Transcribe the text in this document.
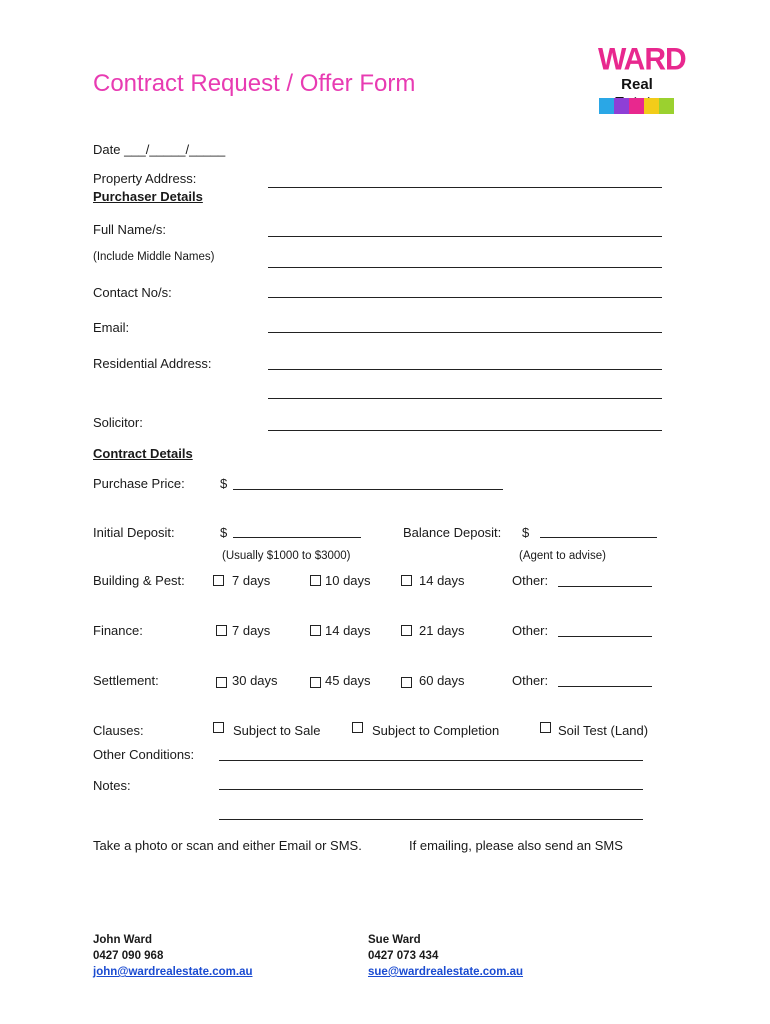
Contract Request / Offer Form
WARD
Real
Date ___/_____/_____
Property Address:
Purchaser Details
Full Name/s:
(Include Middle Names)
Contact No/s:
Email:
Residential Address:
Solicitor:
Contract Details
Purchase Price:	$
Initial Deposit:	$	Balance Deposit: $
(Usually $1000 to $3000)	(Agent to advise)
Building & Pest:	7 days	10 days	14 days	Other:
Finance:	7 days	14 days	21 days	Other:
Settlement:	30 days	45 days	60 days	Other:
Clauses:	Subject to Sale	Subject to Completion	Soil Test (Land)
Other Conditions:
Notes:
Take a photo or scan and either Email or SMS.	If emailing, please also send an SMS
John Ward
0427 090 968
john@wardrealestate.com.au
Sue Ward
0427 073 434
sue@wardrealestate.com.au
